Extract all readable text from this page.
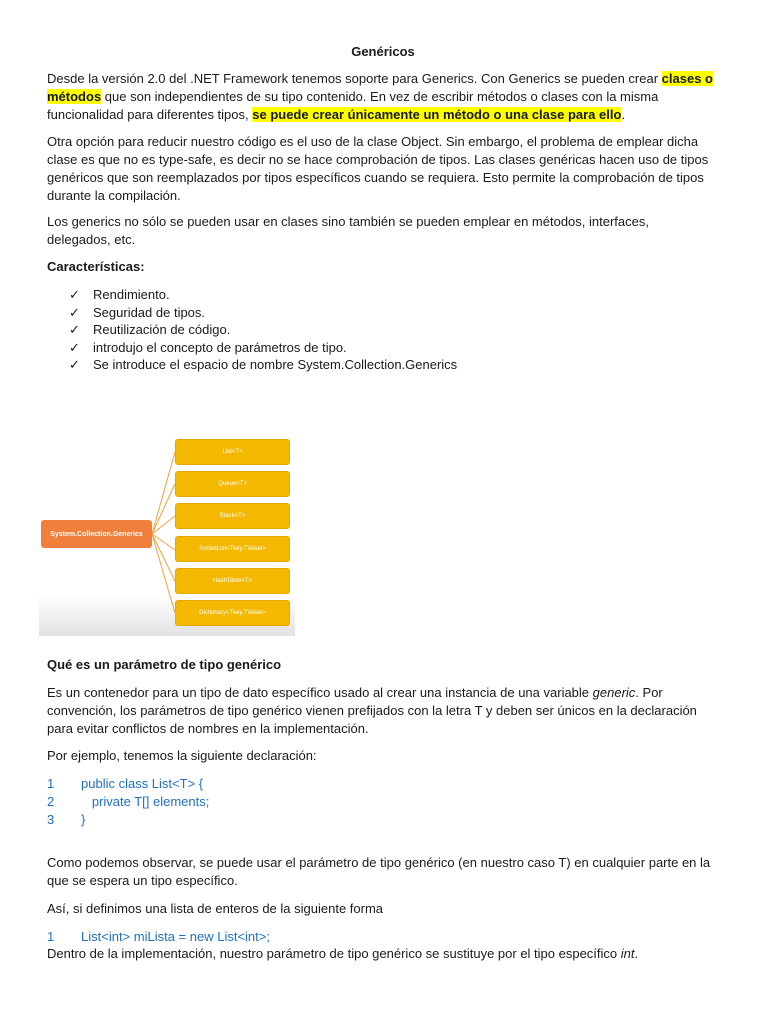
Genéricos

Desde la versión 2.0 del .NET Framework tenemos soporte para Generics. Con Generics se pueden crear clases o métodos que son independientes de su tipo contenido. En vez de escribir métodos o clases con la misma funcionalidad para diferentes tipos, se puede crear únicamente un método o una clase para ello.

Otra opción para reducir nuestro código es el uso de la clase Object. Sin embargo, el problema de emplear dicha clase es que no es type-safe, es decir no se hace comprobación de tipos. Las clases genéricas hacen uso de tipos genéricos que son reemplazados por tipos específicos cuando se requiera. Esto permite la comprobación de tipos durante la compilación.

Los generics no sólo se pueden usar en clases sino también se pueden emplear en métodos, interfaces, delegados, etc.

Características:

✓	Rendimiento.
✓	Seguridad de tipos.
✓	Reutilización de código.
✓	introdujo el concepto de parámetros de tipo.
✓	Se introduce el espacio de nombre System.Collection.Generics

Qué es un parámetro de tipo genérico

Es un contenedor para un tipo de dato específico usado al crear una instancia de una variable generic. Por convención, los parámetros de tipo genérico vienen prefijados con la letra T y deben ser únicos en la declaración para evitar conflictos de nombres en la implementación.

Por ejemplo, tenemos la siguiente declaración:

1 public class List<T> {
2   private T[] elements;
3 }

Como podemos observar, se puede usar el parámetro de tipo genérico (en nuestro caso T) en cualquier parte en la que se espera un tipo específico.

Así, si definimos una lista de enteros de la siguiente forma

1 List<int> miLista = new List<int>;

Dentro de la implementación, nuestro parámetro de tipo genérico se sustituye por el tipo específico int.

System.Collection.Generics
List<T>
Queue<T>
Stack<T>
SortedList<Tkey,TValue>
HashTable<T>
Dictionary<Tkey,TValue>
